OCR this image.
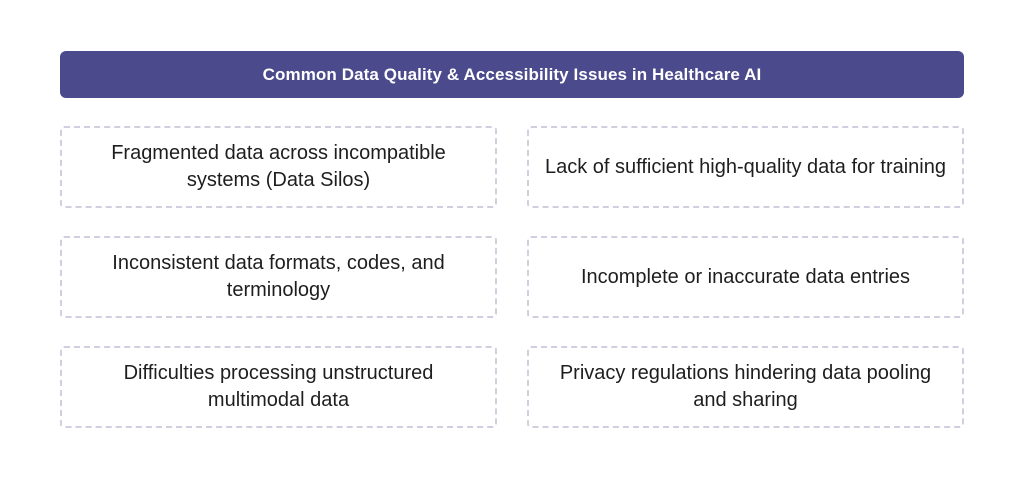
Common Data Quality & Accessibility Issues in Healthcare AI
Fragmented data across incompatible systems (Data Silos)
Lack of sufficient high-quality data for training
Inconsistent data formats, codes, and terminology
Incomplete or inaccurate data entries
Difficulties processing unstructured multimodal data
Privacy regulations hindering data pooling and sharing
